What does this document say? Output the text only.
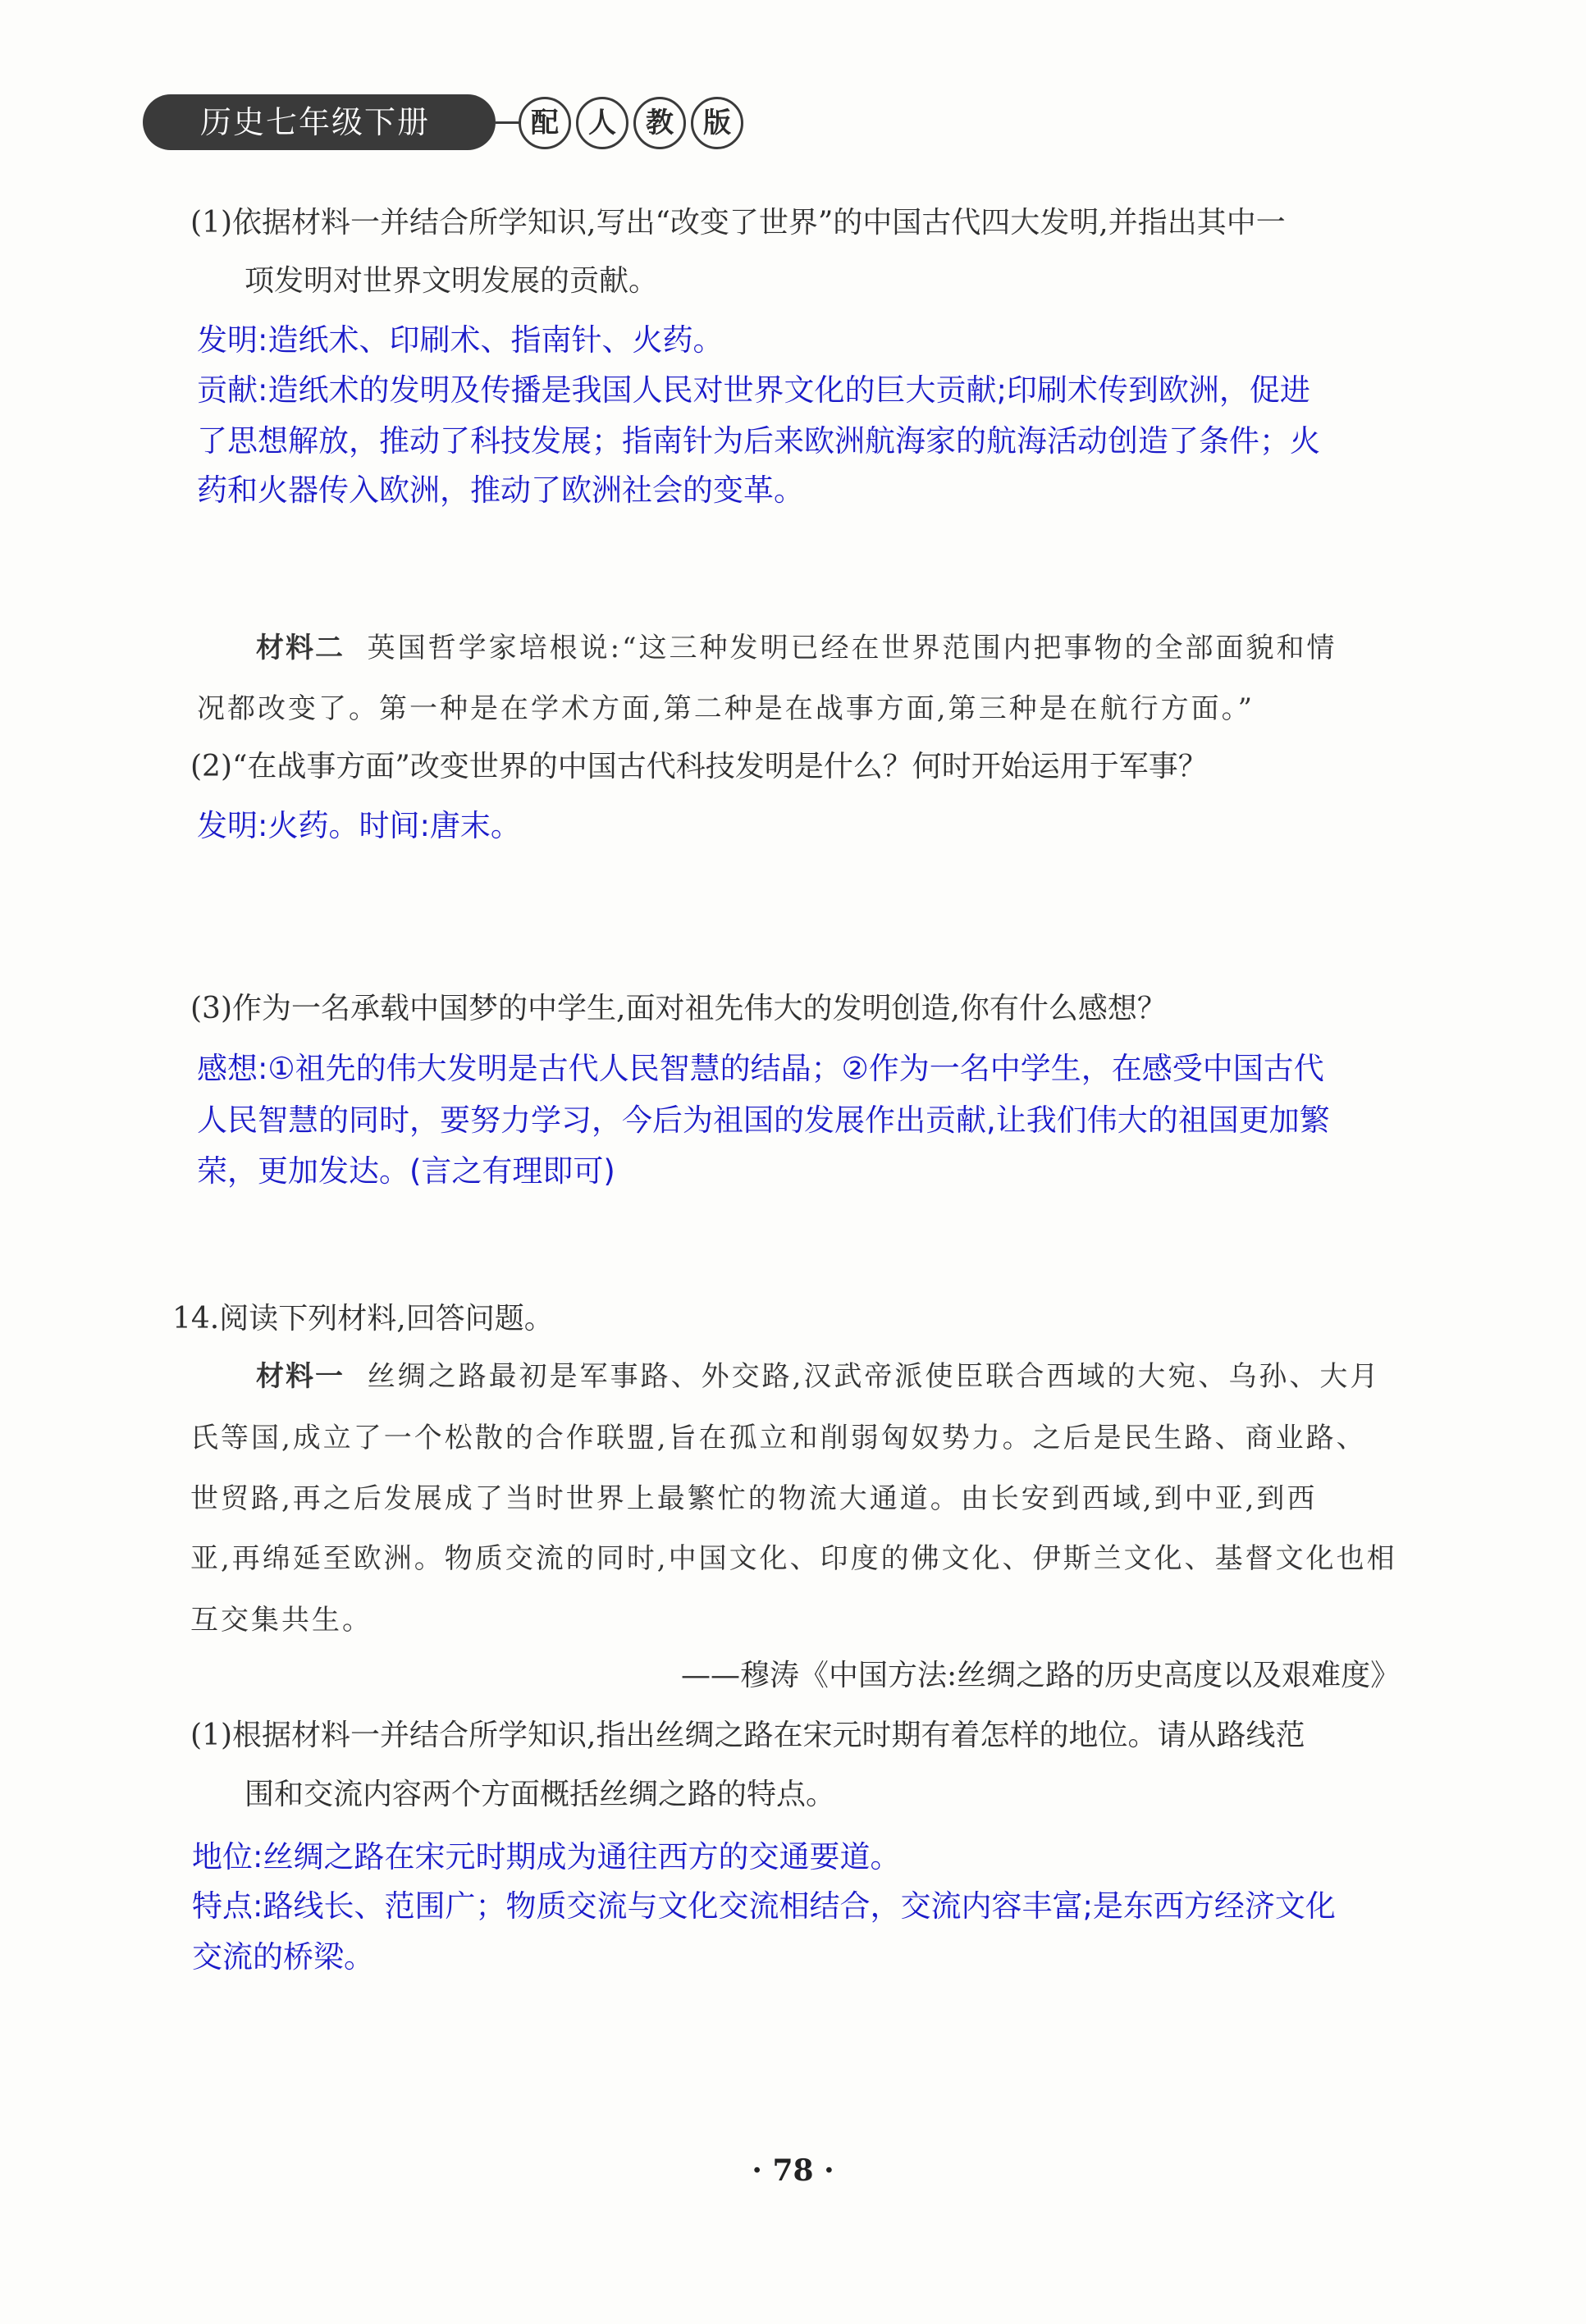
历史七年级下册	配	人	教	版
(1)依据材料一并结合所学知识,写出“改变了世界”的中国古代四大发明,并指出其中一
项发明对世界文明发展的贡献。
发明:造纸术、印刷术、指南针、火药。
贡献:造纸术的发明及传播是我国人民对世界文化的巨大贡献;印刷术传到欧洲，促进
了思想解放，推动了科技发展；指南针为后来欧洲航海家的航海活动创造了条件；火
药和火器传入欧洲，推动了欧洲社会的变革。
材料二 英国哲学家培根说:“这三种发明已经在世界范围内把事物的全部面貌和情
况都改变了。第一种是在学术方面,第二种是在战事方面,第三种是在航行方面。”
(2)“在战事方面”改变世界的中国古代科技发明是什么？何时开始运用于军事？
发明:火药。时间:唐末。
(3)作为一名承载中国梦的中学生,面对祖先伟大的发明创造,你有什么感想？
感想:①祖先的伟大发明是古代人民智慧的结晶；②作为一名中学生，在感受中国古代
人民智慧的同时，要努力学习，今后为祖国的发展作出贡献,让我们伟大的祖国更加繁
荣，更加发达。(言之有理即可)
14.阅读下列材料,回答问题。
材料一 丝绸之路最初是军事路、外交路,汉武帝派使臣联合西域的大宛、乌孙、大月
氏等国,成立了一个松散的合作联盟,旨在孤立和削弱匈奴势力。之后是民生路、商业路、
世贸路,再之后发展成了当时世界上最繁忙的物流大通道。由长安到西域,到中亚,到西
亚,再绵延至欧洲。物质交流的同时,中国文化、印度的佛文化、伊斯兰文化、基督文化也相
互交集共生。
——穆涛《中国方法:丝绸之路的历史高度以及艰难度》
(1)根据材料一并结合所学知识,指出丝绸之路在宋元时期有着怎样的地位。请从路线范
围和交流内容两个方面概括丝绸之路的特点。
地位:丝绸之路在宋元时期成为通往西方的交通要道。
特点:路线长、范围广；物质交流与文化交流相结合，交流内容丰富;是东西方经济文化
交流的桥梁。
· 78 ·
